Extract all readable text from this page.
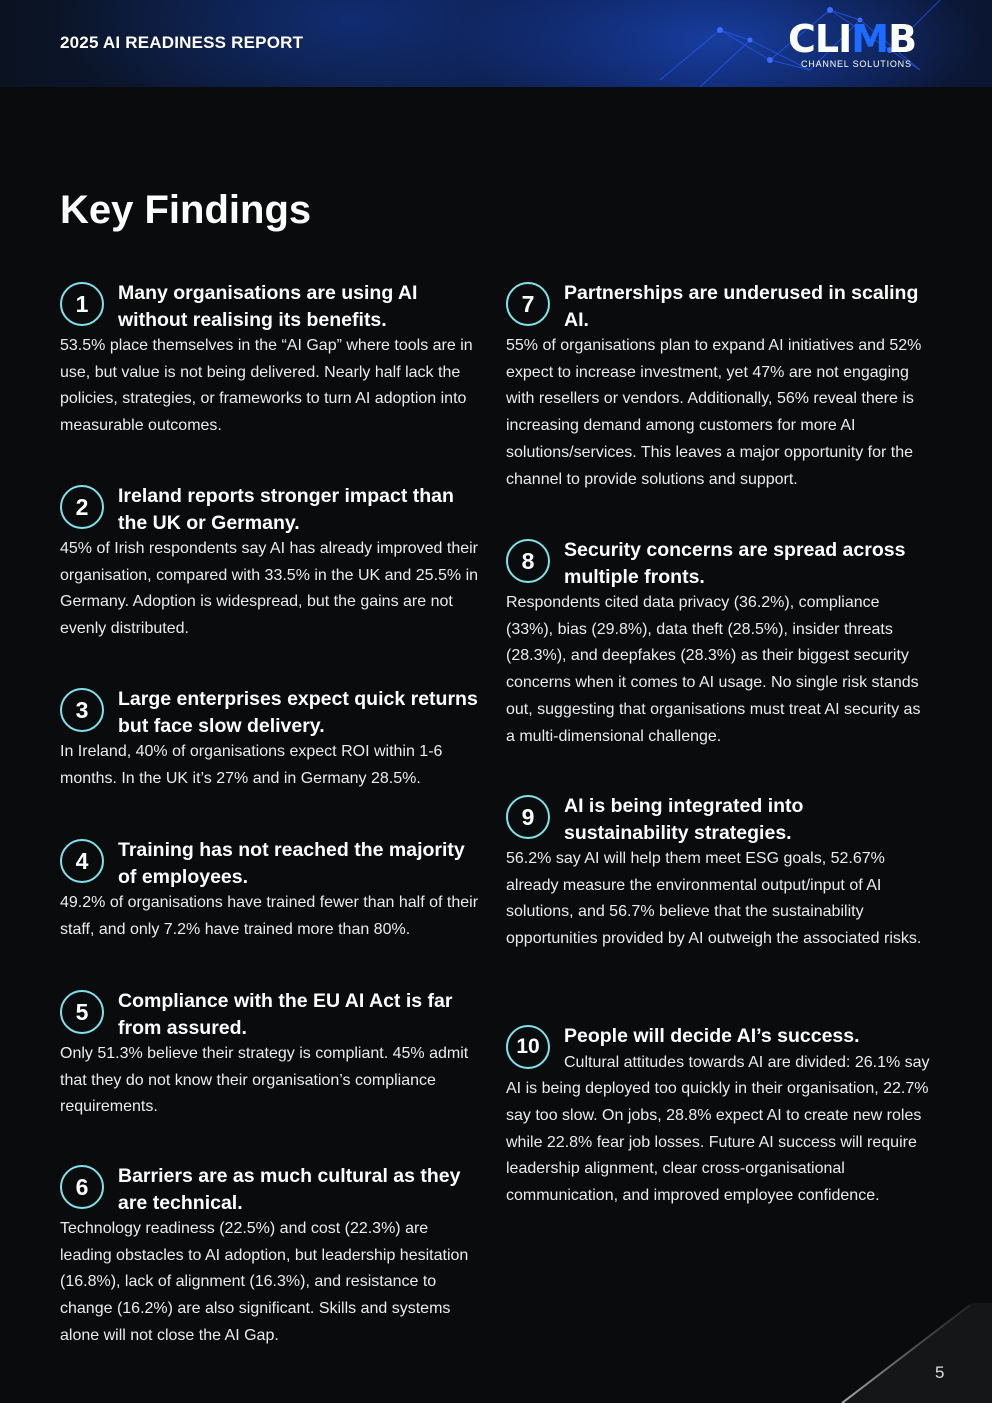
2025 AI READINESS REPORT	CLIMB
CHANNEL SOLUTIONS
Key Findings
1	Many organisations are using AI without realising its benefits.

53.5% place themselves in the “AI Gap” where tools are in use, but value is not being delivered. Nearly half lack the policies, strategies, or frameworks to turn AI adoption into measurable outcomes.

2	Ireland reports stronger impact than the UK or Germany.

45% of Irish respondents say AI has already improved their organisation, compared with 33.5% in the UK and 25.5% in Germany. Adoption is widespread, but the gains are not evenly distributed.

3	Large enterprises expect quick returns but face slow delivery.

In Ireland, 40% of organisations expect ROI within 1-6 months. In the UK it’s 27% and in Germany 28.5%.

4	Training has not reached the majority of employees.

49.2% of organisations have trained fewer than half of their staff, and only 7.2% have trained more than 80%.

5	Compliance with the EU AI Act is far from assured.

Only 51.3% believe their strategy is compliant. 45% admit that they do not know their organisation’s compliance requirements.

6	Barriers are as much cultural as they are technical.

Technology readiness (22.5%) and cost (22.3%) are leading obstacles to AI adoption, but leadership hesitation (16.8%), lack of alignment (16.3%), and resistance to change (16.2%) are also significant. Skills and systems alone will not close the AI Gap.

7	Partnerships are underused in scaling AI.

55% of organisations plan to expand AI initiatives and 52% expect to increase investment, yet 47% are not engaging with resellers or vendors. Additionally, 56% reveal there is increasing demand among customers for more AI solutions/services. This leaves a major opportunity for the channel to provide solutions and support.

8	Security concerns are spread across multiple fronts.

Respondents cited data privacy (36.2%), compliance (33%), bias (29.8%), data theft (28.5%), insider threats (28.3%), and deepfakes (28.3%) as their biggest security concerns when it comes to AI usage. No single risk stands out, suggesting that organisations must treat AI security as a multi-dimensional challenge.

9	AI is being integrated into sustainability strategies.

56.2% say AI will help them meet ESG goals, 52.67% already measure the environmental output/input of AI solutions, and 56.7% believe that the sustainability opportunities provided by AI outweigh the associated risks.

10	People will decide AI’s success.

Cultural attitudes towards AI are divided: 26.1% say AI is being deployed too quickly in their organisation, 22.7% say too slow. On jobs, 28.8% expect AI to create new roles while 22.8% fear job losses. Future AI success will require leadership alignment, clear cross-organisational communication, and improved employee confidence.

5
